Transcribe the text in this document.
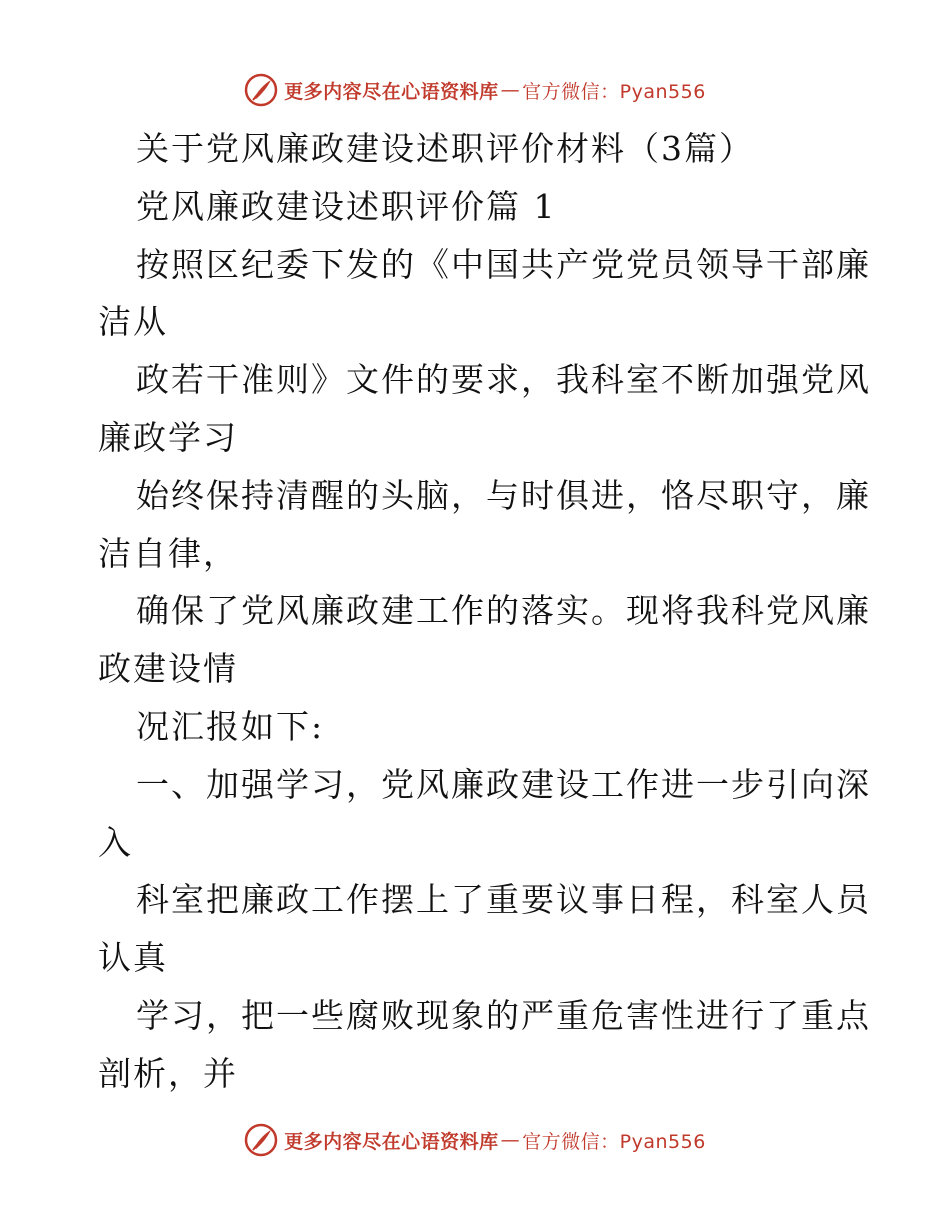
更多内容尽在心语资料库 — 官方微信：Pyan556
关于党风廉政建设述职评价材料（3篇）
党风廉政建设述职评价篇 1
按照区纪委下发的《中国共产党党员领导干部廉
洁从
政若干准则》文件的要求，我科室不断加强党风
廉政学习
始终保持清醒的头脑，与时俱进，恪尽职守，廉
洁自律，
确保了党风廉政建工作的落实。现将我科党风廉
政建设情
况汇报如下:
一、加强学习，党风廉政建设工作进一步引向深
入
科室把廉政工作摆上了重要议事日程，科室人员
认真
学习，把一些腐败现象的严重危害性进行了重点
剖析，并
更多内容尽在心语资料库 — 官方微信：Pyan556
